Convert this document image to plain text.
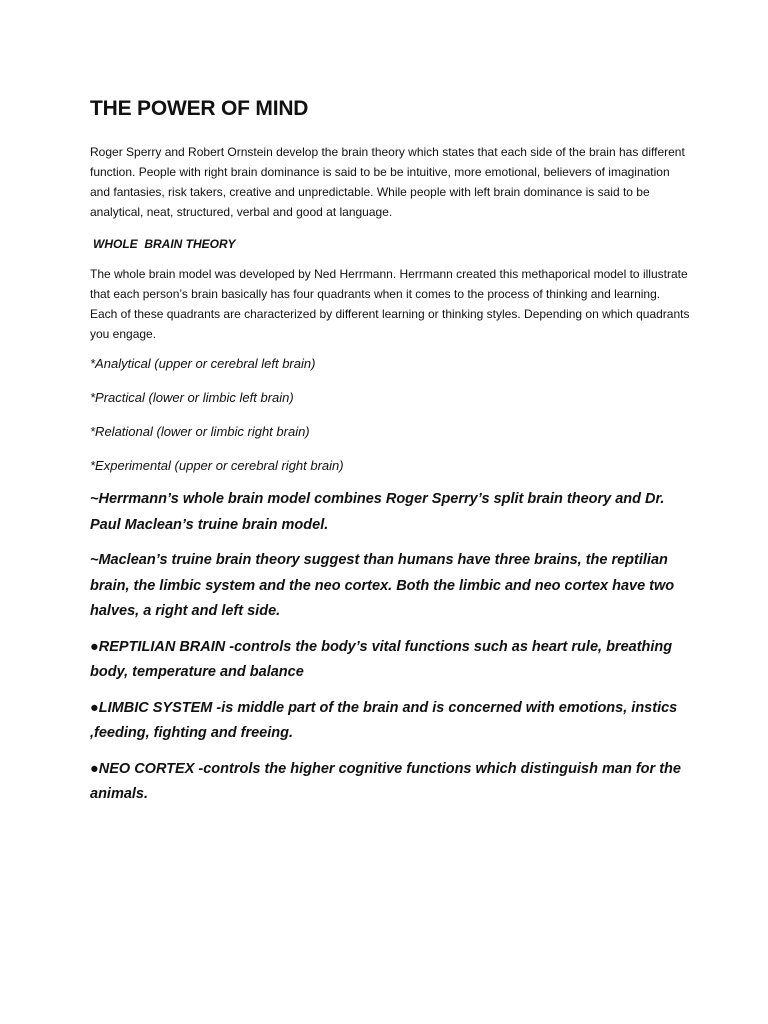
THE POWER OF MIND

Roger Sperry and Robert Ornstein develop the brain theory which states that each side of the brain has different function. People with right brain dominance is said to be be intuitive, more emotional, believers of imagination and fantasies, risk takers, creative and unpredictable. While people with left brain dominance is said to be analytical, neat, structured, verbal and good at language.

WHOLE  BRAIN THEORY

The whole brain model was developed by Ned Herrmann. Herrmann created this methaporical model to illustrate that each person’s brain basically has four quadrants when it comes to the process of thinking and learning. Each of these quadrants are characterized by different learning or thinking styles. Depending on which quadrants you engage.

*Analytical (upper or cerebral left brain)

*Practical (lower or limbic left brain)

*Relational (lower or limbic right brain)

*Experimental (upper or cerebral right brain)

~Herrmann’s whole brain model combines Roger Sperry’s split brain theory and Dr. Paul Maclean’s truine brain model.

~Maclean’s truine brain theory suggest than humans have three brains, the reptilian brain, the limbic system and the neo cortex. Both the limbic and neo cortex have two halves, a right and left side.

●REPTILIAN BRAIN -controls the body’s vital functions such as heart rule, breathing body, temperature and balance

●LIMBIC SYSTEM -is middle part of the brain and is concerned with emotions, instics ,feeding, fighting and freeing.

●NEO CORTEX -controls the higher cognitive functions which distinguish man for the animals.
